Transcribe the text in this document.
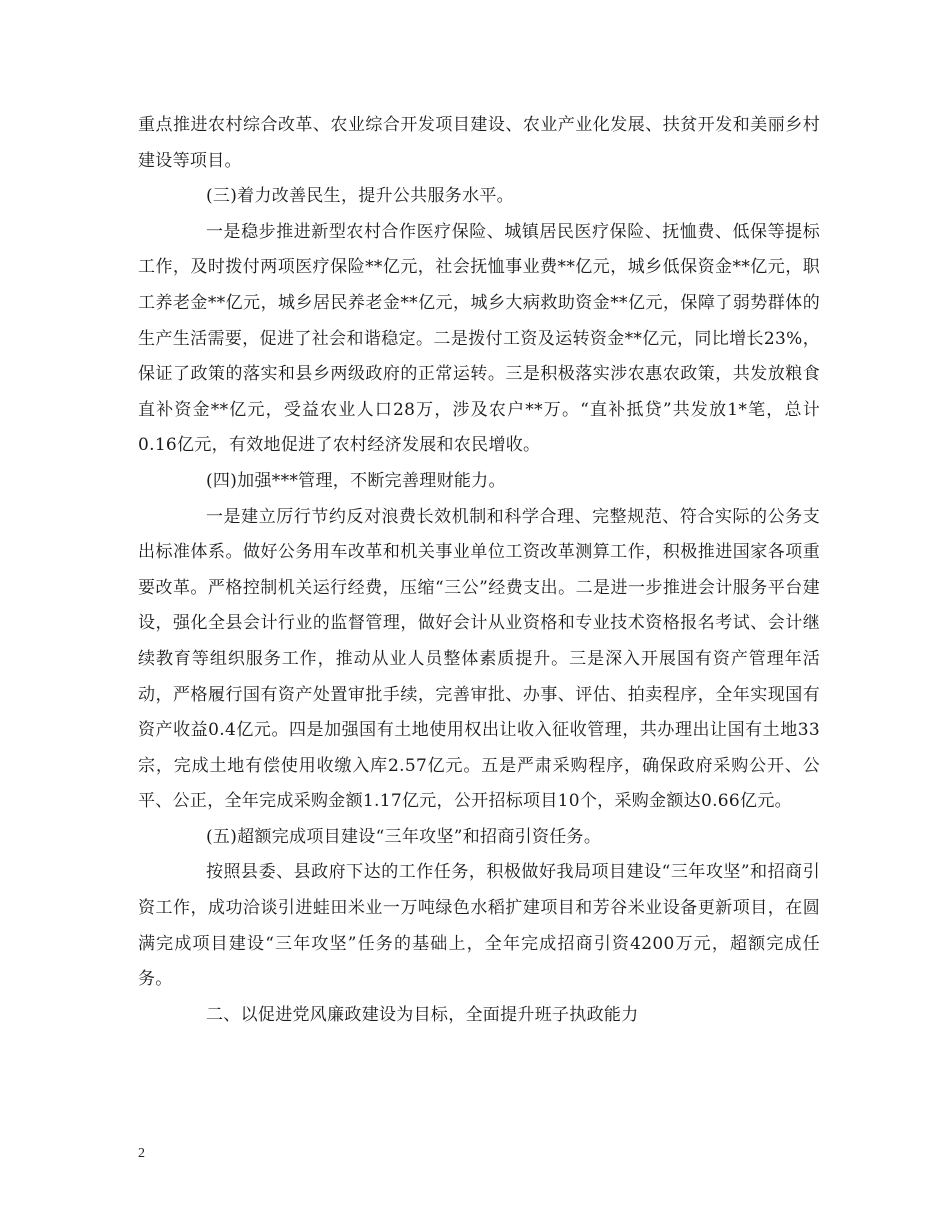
重点推进农村综合改革、农业综合开发项目建设、农业产业化发展、扶贫开发和美丽乡村建设等项目。

(三)着力改善民生，提升公共服务水平。

一是稳步推进新型农村合作医疗保险、城镇居民医疗保险、抚恤费、低保等提标工作，及时拨付两项医疗保险**亿元，社会抚恤事业费**亿元，城乡低保资金**亿元，职工养老金**亿元，城乡居民养老金**亿元，城乡大病救助资金**亿元，保障了弱势群体的生产生活需要，促进了社会和谐稳定。二是拨付工资及运转资金**亿元，同比增长23%，保证了政策的落实和县乡两级政府的正常运转。三是积极落实涉农惠农政策，共发放粮食直补资金**亿元，受益农业人口28万，涉及农户**万。“直补抵贷”共发放1*笔，总计0.16亿元，有效地促进了农村经济发展和农民增收。

(四)加强***管理，不断完善理财能力。

一是建立厉行节约反对浪费长效机制和科学合理、完整规范、符合实际的公务支出标准体系。做好公务用车改革和机关事业单位工资改革测算工作，积极推进国家各项重要改革。严格控制机关运行经费，压缩“三公”经费支出。二是进一步推进会计服务平台建设，强化全县会计行业的监督管理，做好会计从业资格和专业技术资格报名考试、会计继续教育等组织服务工作，推动从业人员整体素质提升。三是深入开展国有资产管理年活动，严格履行国有资产处置审批手续，完善审批、办事、评估、拍卖程序，全年实现国有资产收益0.4亿元。四是加强国有土地使用权出让收入征收管理，共办理出让国有土地33宗，完成土地有偿使用收缴入库2.57亿元。五是严肃采购程序，确保政府采购公开、公平、公正，全年完成采购金额1.17亿元，公开招标项目10个，采购金额达0.66亿元。

(五)超额完成项目建设“三年攻坚”和招商引资任务。

按照县委、县政府下达的工作任务，积极做好我局项目建设“三年攻坚”和招商引资工作，成功洽谈引进蛙田米业一万吨绿色水稻扩建项目和芳谷米业设备更新项目，在圆满完成项目建设“三年攻坚”任务的基础上，全年完成招商引资4200万元，超额完成任务。

二、以促进党风廉政建设为目标，全面提升班子执政能力

2
